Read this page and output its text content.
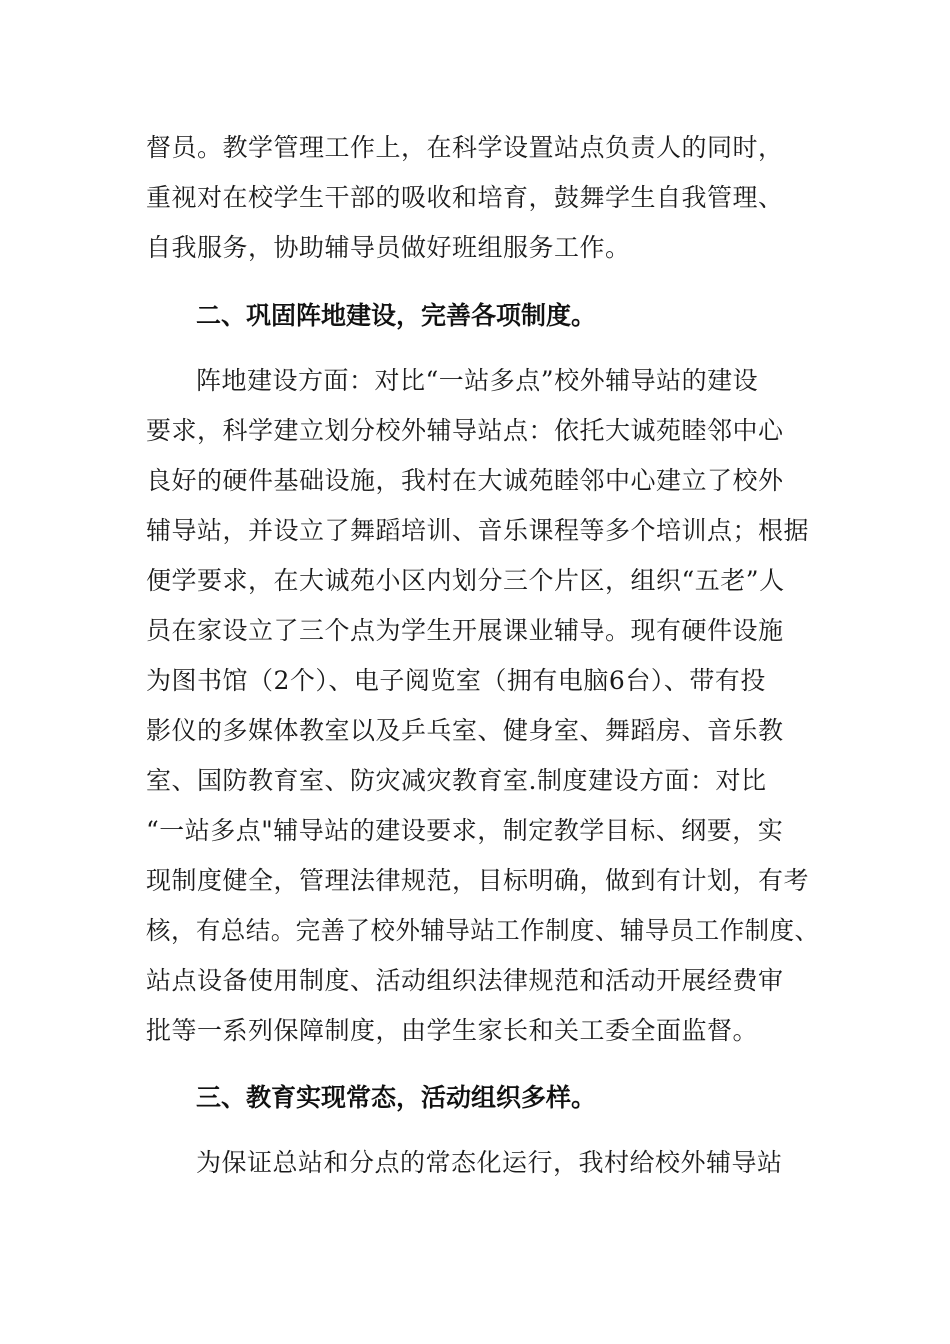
督员。教学管理工作上，在科学设置站点负责人的同时，
重视对在校学生干部的吸收和培育，鼓舞学生自我管理、
自我服务，协助辅导员做好班组服务工作。
二、巩固阵地建设，完善各项制度。
阵地建设方面：对比“一站多点”校外辅导站的建设
要求，科学建立划分校外辅导站点：依托大诚苑睦邻中心
良好的硬件基础设施，我村在大诚苑睦邻中心建立了校外
辅导站，并设立了舞蹈培训、音乐课程等多个培训点；根据
便学要求，在大诚苑小区内划分三个片区，组织“五老”人
员在家设立了三个点为学生开展课业辅导。现有硬件设施
为图书馆（2个）、电子阅览室（拥有电脑6台）、带有投
影仪的多媒体教室以及乒乓室、健身室、舞蹈房、音乐教
室、国防教育室、防灾减灾教育室.制度建设方面：对比
“一站多点"辅导站的建设要求，制定教学目标、纲要，实
现制度健全，管理法律规范，目标明确，做到有计划，有考
核，有总结。完善了校外辅导站工作制度、辅导员工作制度、
站点设备使用制度、活动组织法律规范和活动开展经费审
批等一系列保障制度，由学生家长和关工委全面监督。
三、教育实现常态，活动组织多样。
为保证总站和分点的常态化运行，我村给校外辅导站
